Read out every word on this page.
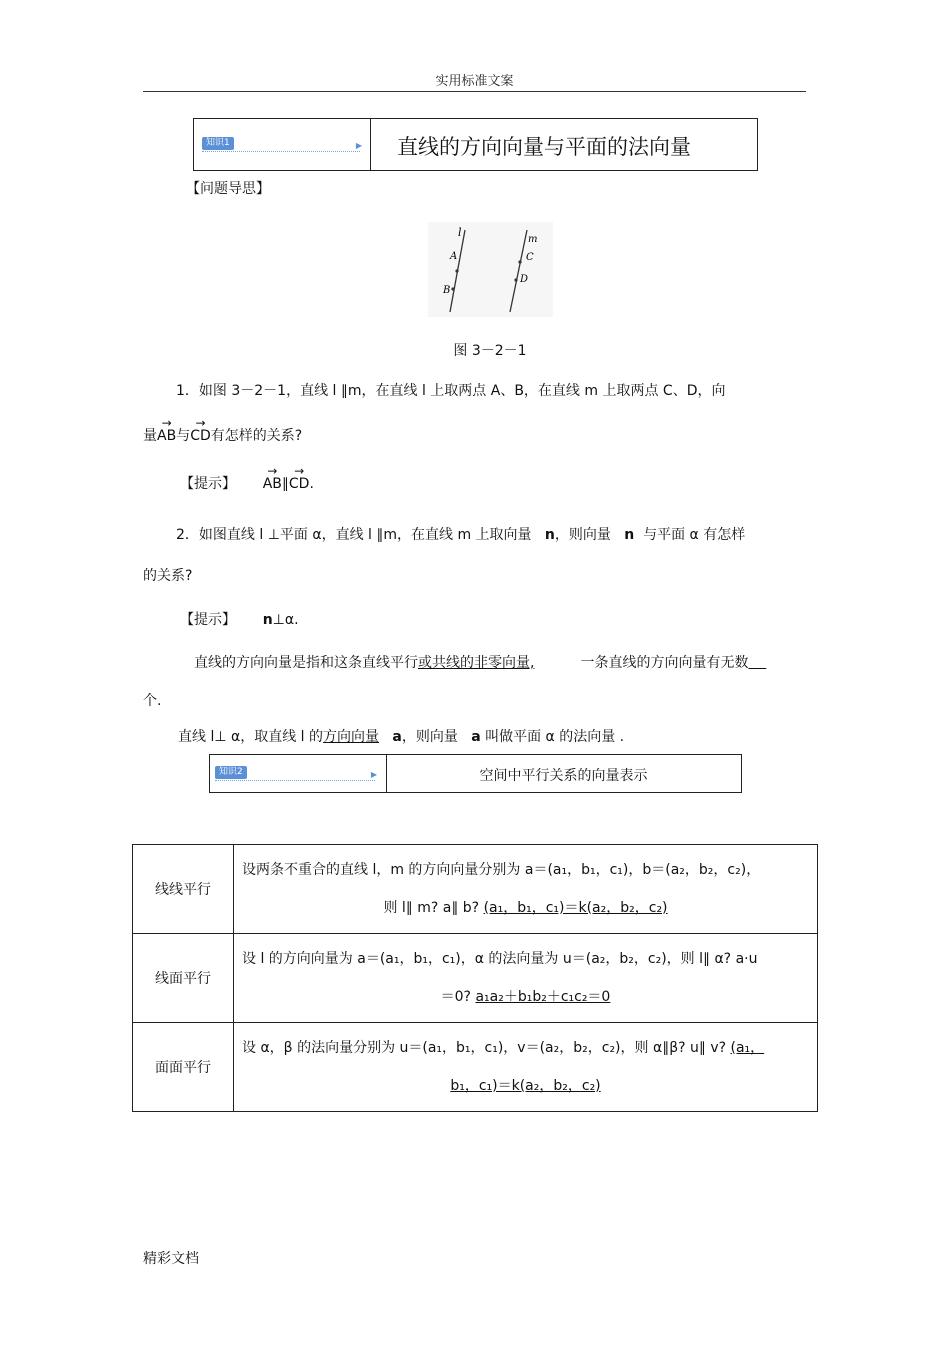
实用标准文案
知识1	▶ 直线的方向向量与平面的法向量
【问题导思】
l
A
B
m
C
D
图 3－2－1
1．如图 3－2－1，直线 l ∥m，在直线 l 上取两点 A、B，在直线 m 上取两点 C、D，向
量→ AB与→ CD有怎样的关系?
【提示】 → AB∥→ CD.
2．如图直线 l ⊥平面 α，直线 l ∥m，在直线 m 上取向量 n，则向量 n 与平面 α 有怎样
的关系?
【提示】 n⊥α.
直线的方向向量是指和这条直线平行或共线的非零向量,	一条直线的方向向量有无数
个.
直线 l⊥ α，取直线 l 的方向向量 a，则向量 a 叫做平面 α 的法向量 .
知识2	▶	空间中平行关系的向量表示
线线平行	设两条不重合的直线 l，m 的方向向量分别为 a＝(a₁，b₁，c₁)，b＝(a₂，b₂，c₂)，

则 l∥ m? a∥ b? (a₁，b₁，c₁)＝k(a₂，b₂，c₂)

线面平行	设 l 的方向向量为 a＝(a₁，b₁，c₁)，α 的法向量为 u＝(a₂，b₂，c₂)，则 l∥ α? a·u

＝0? a₁a₂＋b₁b₂＋c₁c₂＝0

面面平行	设 α，β 的法向量分别为 u＝(a₁，b₁，c₁)，v＝(a₂，b₂，c₂)，则 α∥β? u∥ v? (a₁，

b₁，c₁)＝k(a₂，b₂，c₂)
精彩文档
